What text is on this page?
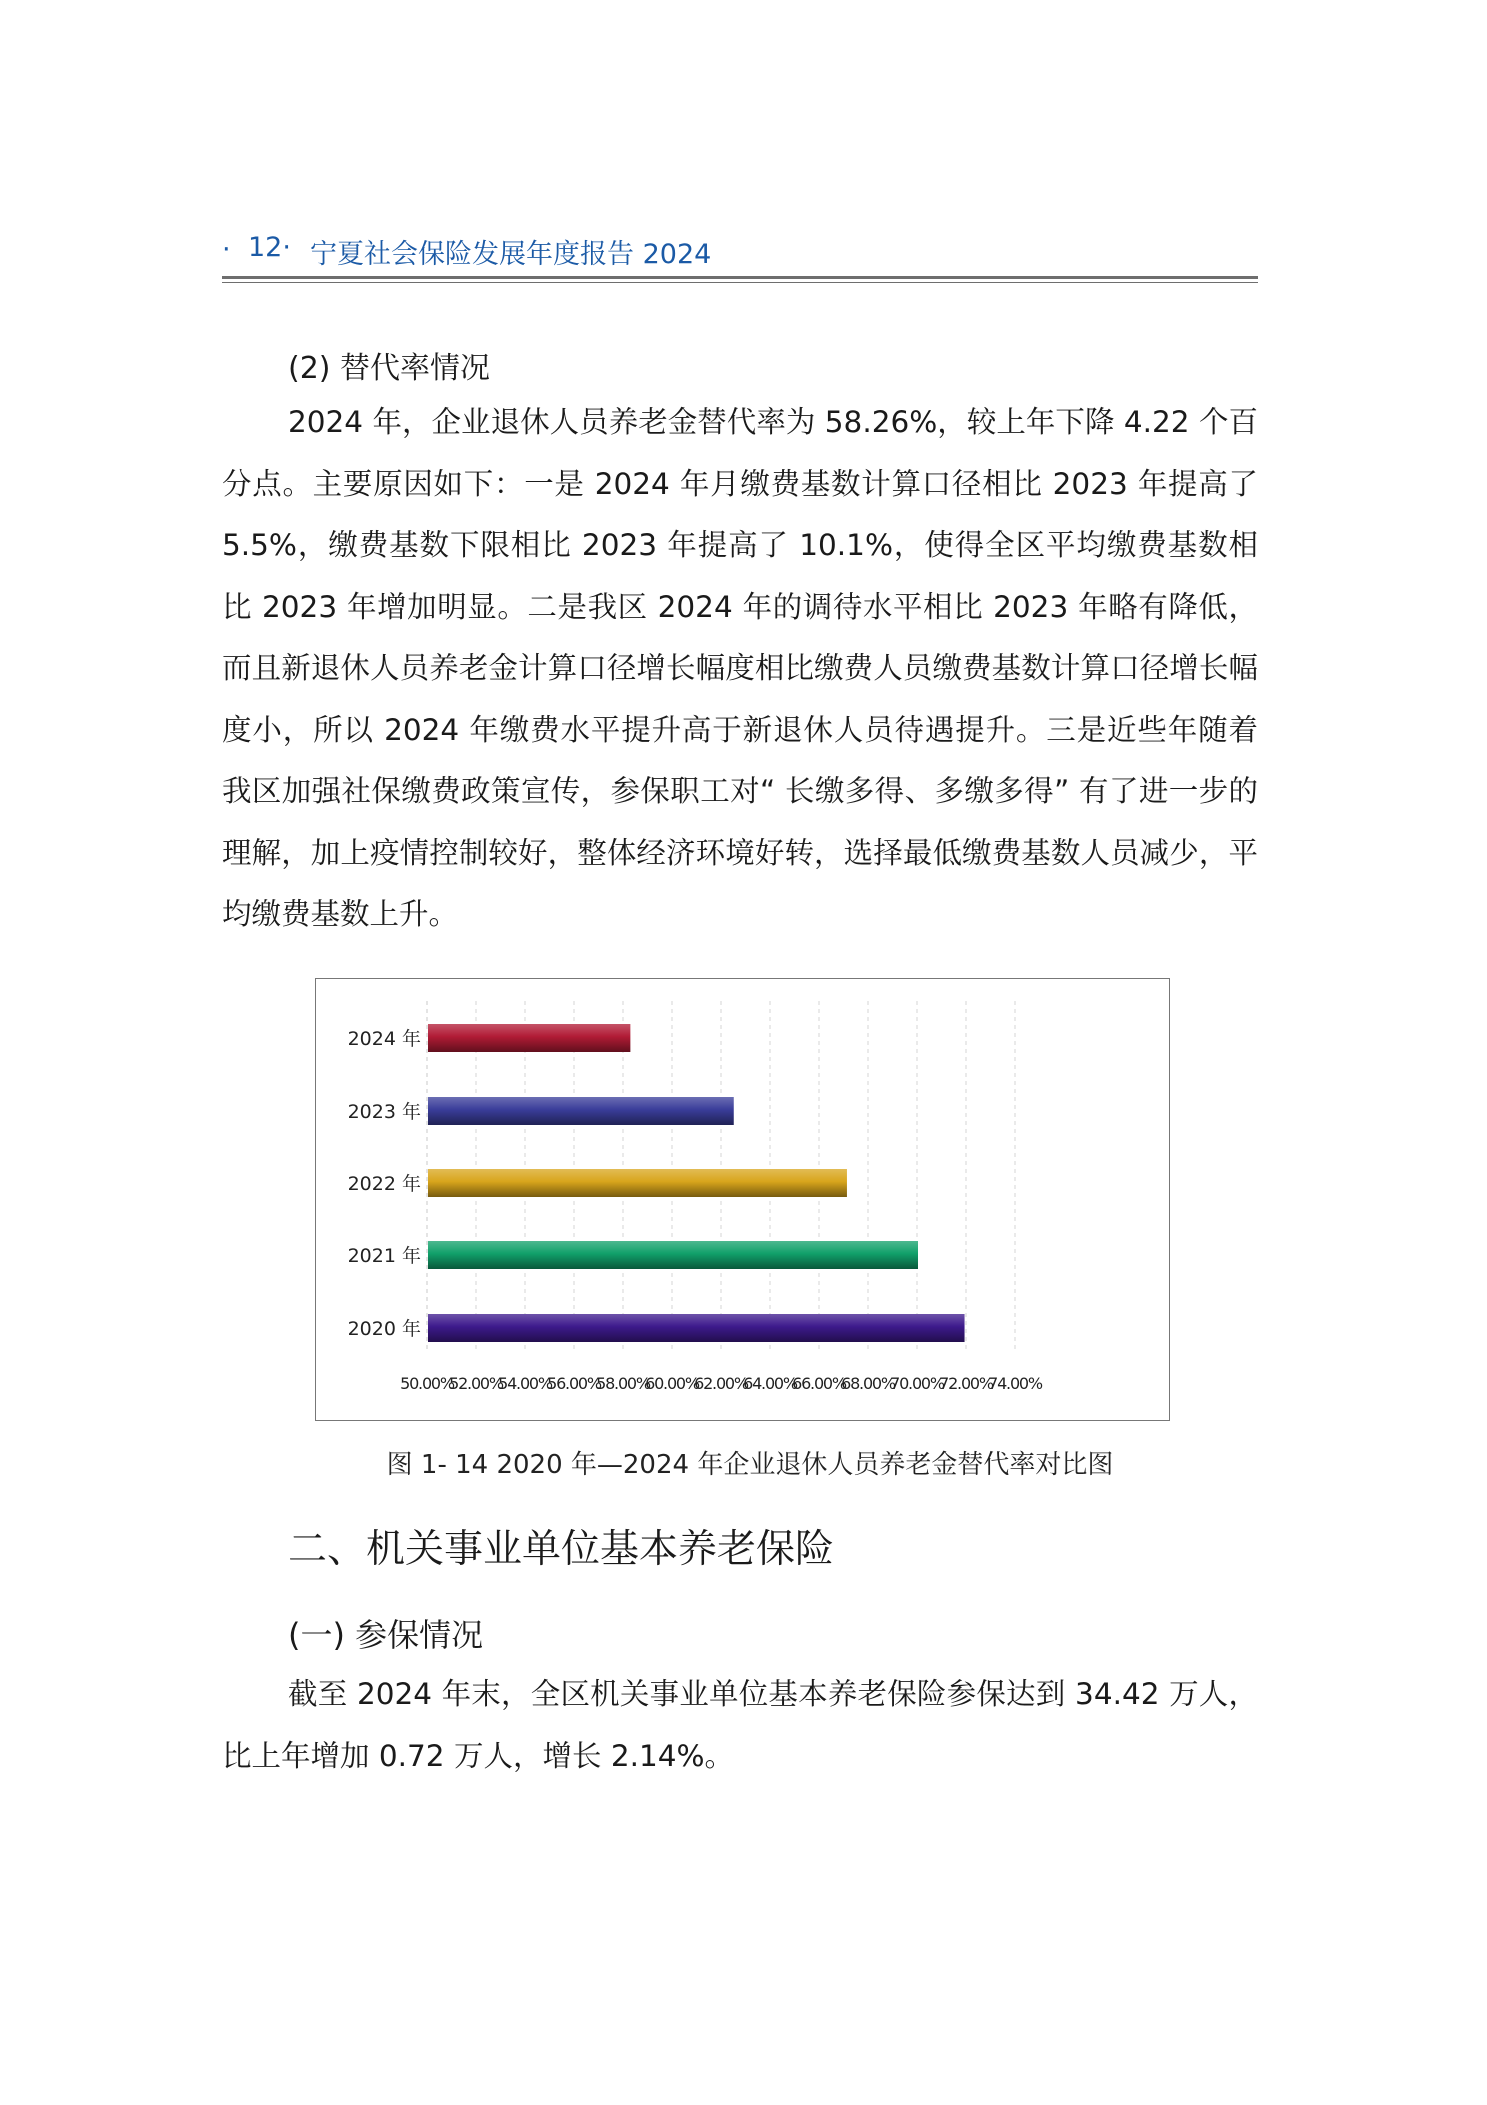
· 12· 宁夏社会保险发展年度报告 2024
(2) 替代率情况

2024 年，企业退休人员养老金替代率为 58.26%，较上年下降 4.22 个百分点。主要原因如下：一是 2024 年月缴费基数计算口径相比 2023 年提高了 5.5%，缴费基数下限相比 2023 年提高了 10.1%，使得全区平均缴费基数相比 2023 年增加明显。二是我区 2024 年的调待水平相比 2023 年略有降低，而且新退休人员养老金计算口径增长幅度相比缴费人员缴费基数计算口径增长幅度小，所以 2024 年缴费水平提升高于新退休人员待遇提升。三是近些年随着我区加强社保缴费政策宣传，参保职工对“ 长缴多得、多缴多得” 有了进一步的理解，加上疫情控制较好，整体经济环境好转，选择最低缴费基数人员减少，平均缴费基数上升。

50.00%
52.00%
54.00%
56.00%
58.00%
60.00%
62.00%
64.00%
66.00%
68.00%
70.00%
72.00%
74.00%
2024 年
2023 年
2022 年
2021 年
2020 年
图 1- 14 2020 年—2024 年企业退休人员养老金替代率对比图
二、机关事业单位基本养老保险
(一) 参保情况

截至 2024 年末，全区机关事业单位基本养老保险参保达到 34.42 万人，比上年增加 0.72 万人，增长 2.14%。
